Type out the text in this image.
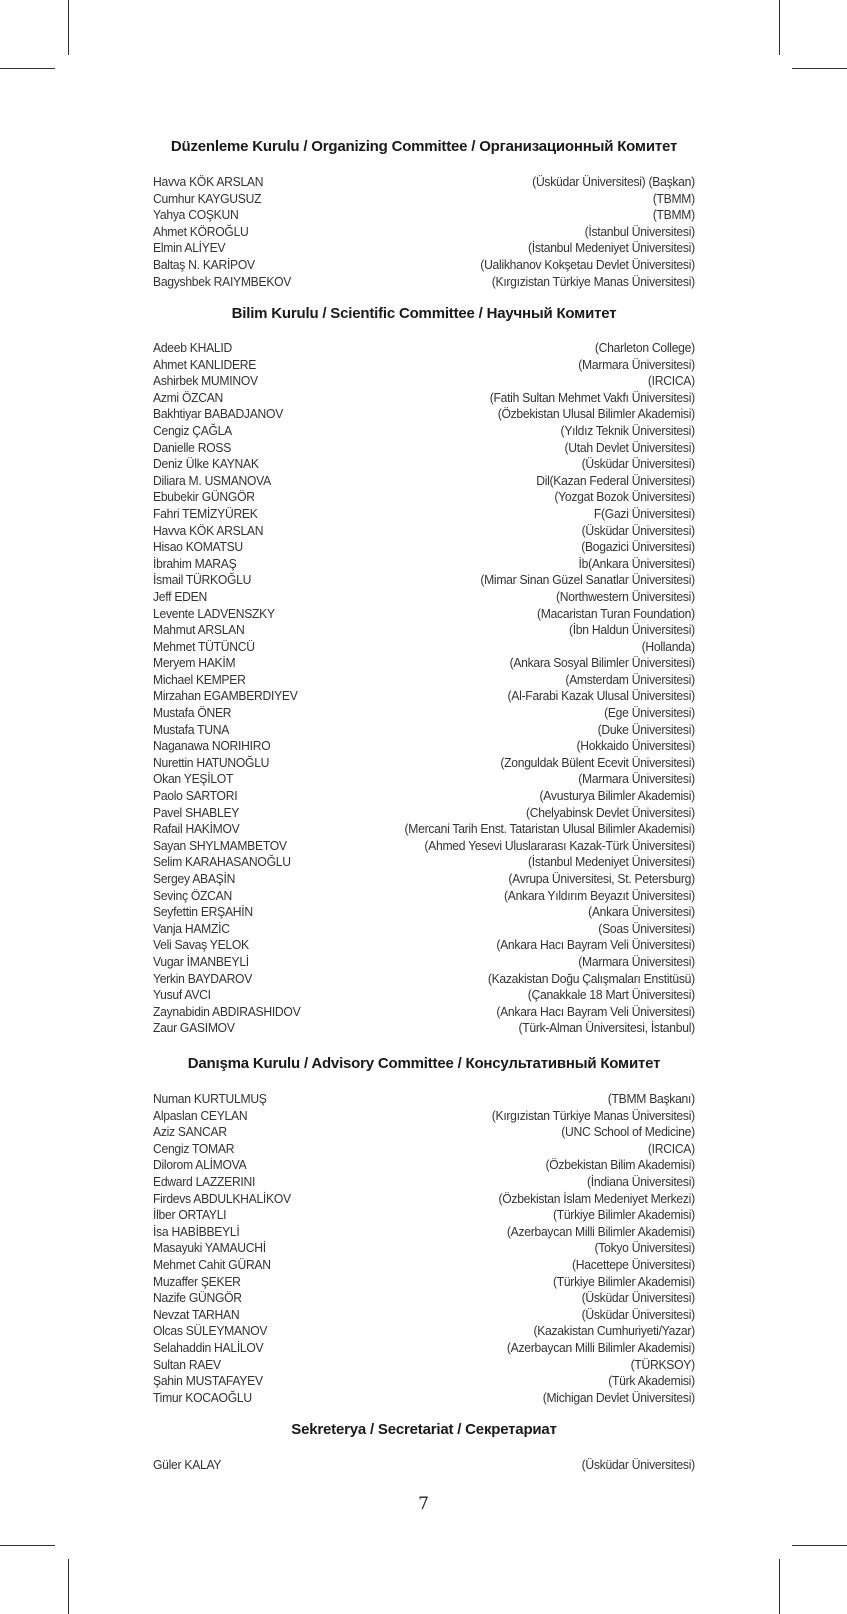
Düzenleme Kurulu / Organizing Committee / Организационный Комитет
Havva KÖK ARSLAN	(Üsküdar Üniversitesi) (Başkan)
Cumhur KAYGUSUZ	(TBMM)
Yahya COŞKUN	(TBMM)
Ahmet KÖROĞLU	(İstanbul Üniversitesi)
Elmin ALİYEV	(İstanbul Medeniyet Üniversitesi)
Baltaş N. KARİPOV	(Ualikhanov Kokşetau Devlet Üniversitesi)
Bagyshbek RAIYMBEKOV	(Kırgızistan Türkiye Manas Üniversitesi)
Bilim Kurulu / Scientific Committee / Научный Комитет
Adeeb KHALID	(Charleton College)
Ahmet KANLIDERE	(Marmara Üniversitesi)
Ashirbek MUMINOV	(IRCICA)
Azmi ÖZCAN	(Fatih Sultan Mehmet Vakfı Üniversitesi)
Bakhtiyar BABADJANOV	(Özbekistan Ulusal Bilimler Akademisi)
Cengiz ÇAĞLA	(Yıldız Teknik Üniversitesi)
Danielle ROSS	(Utah Devlet Üniversitesi)
Deniz Ülke KAYNAK	(Üsküdar Üniversitesi)
Diliara M. USMANOVA	Dil(Kazan Federal Üniversitesi)
Ebubekir GÜNGÖR	(Yozgat Bozok Üniversitesi)
Fahri TEMİZYÜREK	F(Gazi Üniversitesi)
Havva KÖK ARSLAN	(Üsküdar Üniversitesi)
Hisao KOMATSU	(Bogazici Üniversitesi)
İbrahim MARAŞ	İb(Ankara Üniversitesi)
İsmail TÜRKOĞLU	(Mimar Sinan Güzel Sanatlar Üniversitesi)
Jeff EDEN	(Northwestern Üniversitesi)
Levente LADVENSZKY	(Macaristan Turan Foundation)
Mahmut ARSLAN	(İbn Haldun Üniversitesi)
Mehmet TÜTÜNCÜ	(Hollanda)
Meryem HAKİM	(Ankara Sosyal Bilimler Üniversitesi)
Michael KEMPER	(Amsterdam Üniversitesi)
Mirzahan EGAMBERDIYEV	(Al-Farabi Kazak Ulusal Üniversitesi)
Mustafa ÖNER	(Ege Üniversitesi)
Mustafa TUNA	(Duke Üniversitesi)
Naganawa NORIHIRO	(Hokkaido Üniversitesi)
Nurettin HATUNOĞLU	(Zonguldak Bülent Ecevit Üniversitesi)
Okan YEŞİLOT	(Marmara Üniversitesi)
Paolo SARTORI	(Avusturya Bilimler Akademisi)
Pavel SHABLEY	(Chelyabinsk Devlet Üniversitesi)
Rafail HAKİMOV	(Mercani Tarih Enst. Tataristan Ulusal Bilimler Akademisi)
Sayan SHYLMAMBETOV	(Ahmed Yesevi Uluslararası Kazak-Türk Üniversitesi)
Selim KARAHASANOĞLU	(İstanbul Medeniyet Üniversitesi)
Sergey ABAŞİN	(Avrupa Üniversitesi, St. Petersburg)
Sevinç ÖZCAN	(Ankara Yıldırım Beyazıt Üniversitesi)
Seyfettin ERŞAHİN	(Ankara Üniversitesi)
Vanja HAMZİC	(Soas Üniversitesi)
Veli Savaş YELOK	(Ankara Hacı Bayram Veli Üniversitesi)
Vugar İMANBEYLİ	(Marmara Üniversitesi)
Yerkin BAYDAROV	(Kazakistan Doğu Çalışmaları Enstitüsü)
Yusuf AVCI	(Çanakkale 18 Mart Üniversitesi)
Zaynabidin ABDIRASHIDOV	(Ankara Hacı Bayram Veli Üniversitesi)
Zaur GASIMOV	(Türk-Alman Üniversitesi, İstanbul)
Danışma Kurulu / Advisory Committee / Консультативный Комитет
Numan KURTULMUŞ	(TBMM Başkanı)
Alpaslan CEYLAN	(Kırgızistan Türkiye Manas Üniversitesi)
Aziz SANCAR	(UNC School of Medicine)
Cengiz TOMAR	(IRCICA)
Dilorom ALİMOVA	(Özbekistan Bilim Akademisi)
Edward LAZZERINI	(İndiana Üniversitesi)
Firdevs ABDULKHALİKOV	(Özbekistan İslam Medeniyet Merkezi)
İlber ORTAYLI	(Türkiye Bilimler Akademisi)
İsa HABİBBEYLİ	(Azerbaycan Milli Bilimler Akademisi)
Masayuki YAMAUCHİ	(Tokyo Üniversitesi)
Mehmet Cahit GÜRAN	(Hacettepe Üniversitesi)
Muzaffer ŞEKER	(Türkiye Bilimler Akademisi)
Nazife GÜNGÖR	(Üsküdar Üniversitesi)
Nevzat TARHAN	(Üsküdar Üniversitesi)
Olcas SÜLEYMANOV	(Kazakistan Cumhuriyeti/Yazar)
Selahaddin HALİLOV	(Azerbaycan Milli Bilimler Akademisi)
Sultan RAEV	(TÜRKSOY)
Şahin MUSTAFAYEV	(Türk Akademisi)
Timur KOCAOĞLU	(Michigan Devlet Üniversitesi)
Sekreterya / Secretariat / Секретариат
Güler KALAY	(Üsküdar Üniversitesi)
7
